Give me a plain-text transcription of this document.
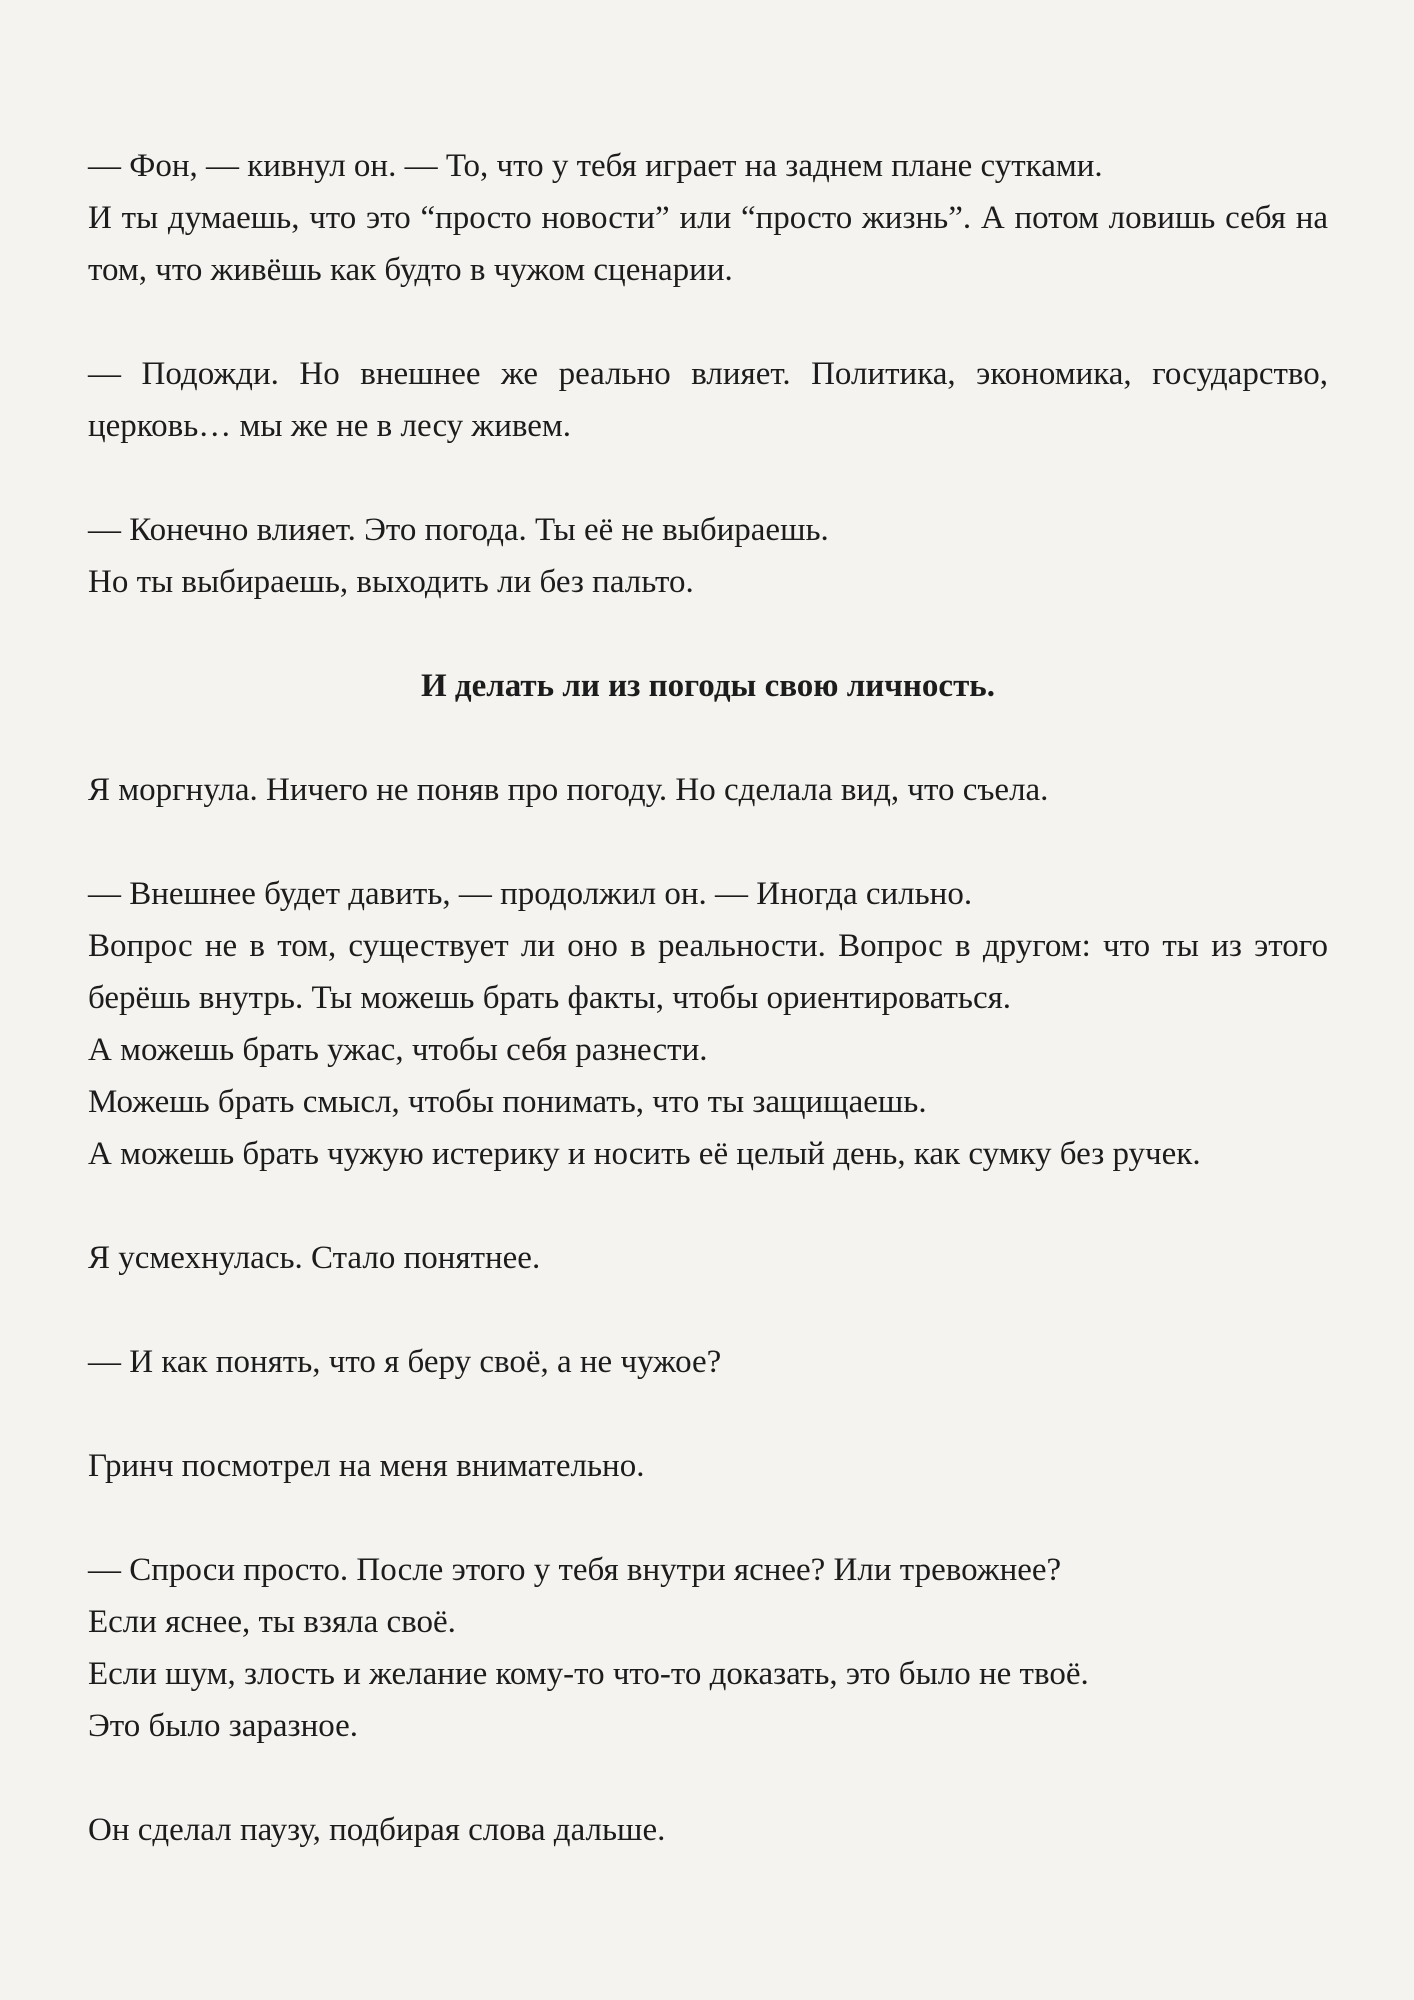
— Фон, — кивнул он. — То, что у тебя играет на заднем плане сутками.
И ты думаешь, что это “просто новости” или “просто жизнь”. А потом ловишь себя на том, что живёшь как будто в чужом сценарии.

— Подожди. Но внешнее же реально влияет. Политика, экономика, государство, церковь… мы же не в лесу живем.

— Конечно влияет. Это погода. Ты её не выбираешь.
Но ты выбираешь, выходить ли без пальто.

И делать ли из погоды свою личность.

Я моргнула. Ничего не поняв про погоду. Но сделала вид, что съела.

— Внешнее будет давить, — продолжил он. — Иногда сильно.
Вопрос не в том, существует ли оно в реальности. Вопрос в другом: что ты из этого берёшь внутрь. Ты можешь брать факты, чтобы ориентироваться.
А можешь брать ужас, чтобы себя разнести.
Можешь брать смысл, чтобы понимать, что ты защищаешь.
А можешь брать чужую истерику и носить её целый день, как сумку без ручек.

Я усмехнулась. Стало понятнее.

— И как понять, что я беру своё, а не чужое?

Гринч посмотрел на меня внимательно.

— Спроси просто. После этого у тебя внутри яснее? Или тревожнее?
Если яснее, ты взяла своё.
Если шум, злость и желание кому-то что-то доказать, это было не твоё.
Это было заразное.

Он сделал паузу, подбирая слова дальше.
